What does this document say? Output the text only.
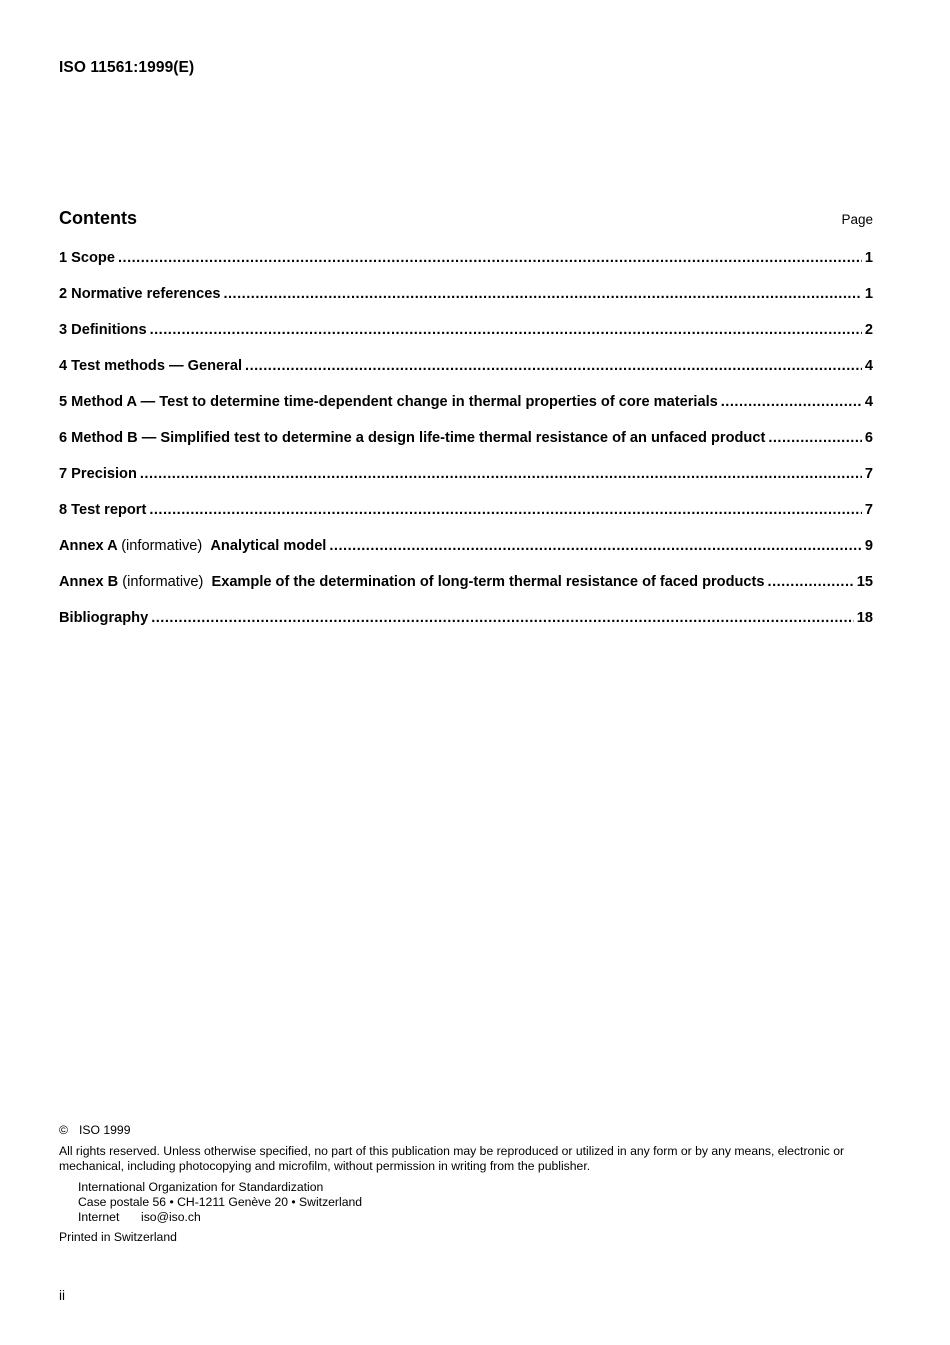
ISO 11561:1999(E)
Contents	Page
1 Scope .....	1
2 Normative references .....	1
3 Definitions .....	2
4 Test methods — General .....	4
5 Method A — Test to determine time-dependent change in thermal properties of core materials .....	4
6 Method B — Simplified test to determine a design life-time thermal resistance of an unfaced product .....	6
7 Precision .....	7
8 Test report .....	7
Annex A (informative) Analytical model .....	9
Annex B (informative) Example of the determination of long-term thermal resistance of faced products .....	15
Bibliography .....	18
© ISO 1999
All rights reserved. Unless otherwise specified, no part of this publication may be reproduced or utilized in any form or by any means, electronic or mechanical, including photocopying and microfilm, without permission in writing from the publisher.
International Organization for Standardization
Case postale 56 • CH-1211 Genève 20 • Switzerland
Internet iso@iso.ch
Printed in Switzerland
ii
